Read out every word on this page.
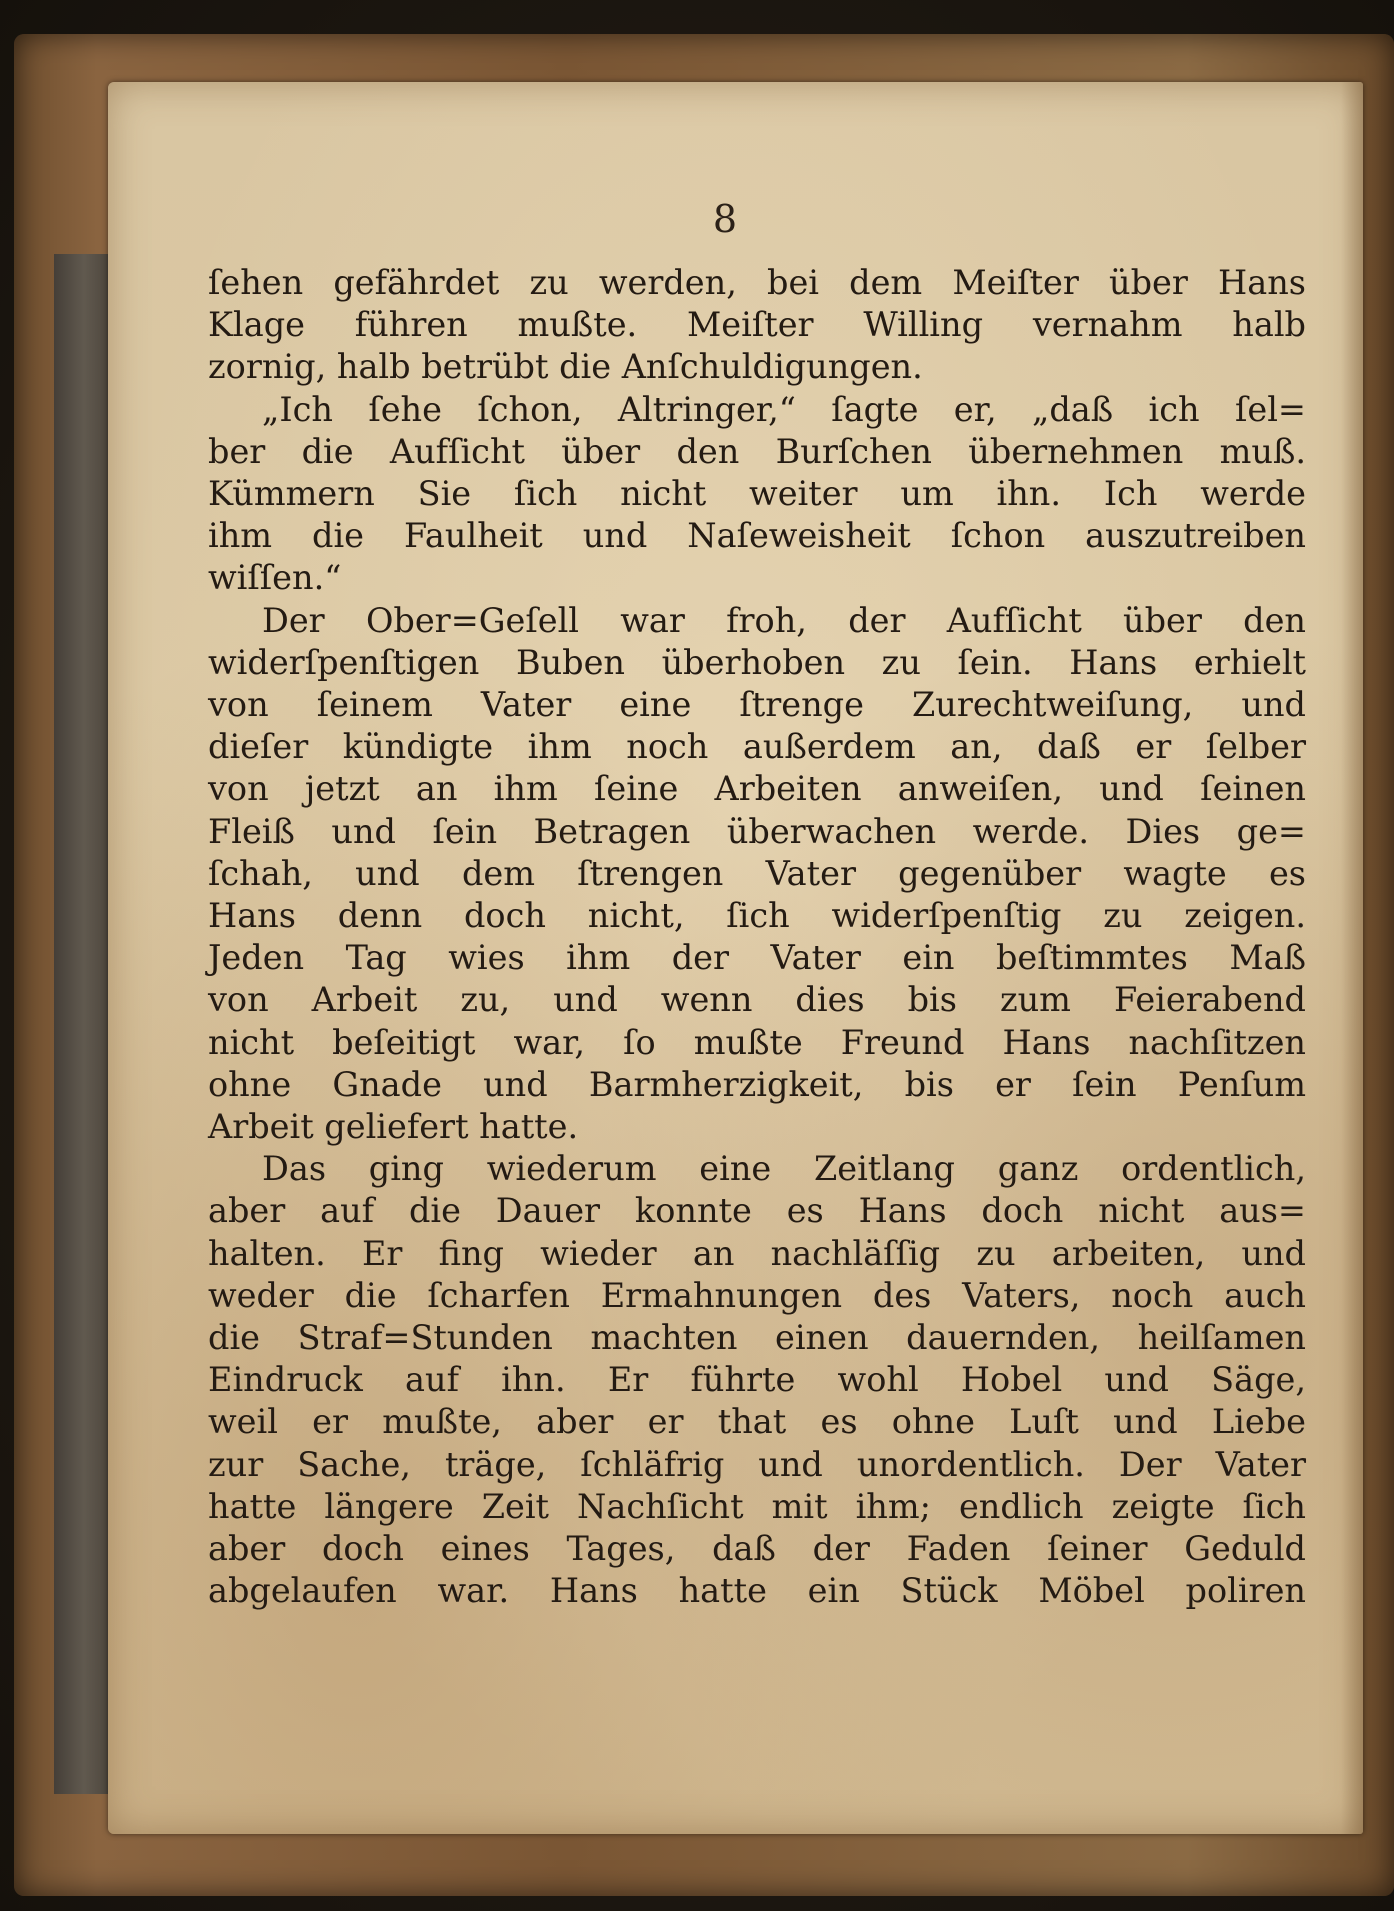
8
ſehen gefährdet zu werden, bei dem Meiſter über Hans
Klage führen mußte. Meiſter Willing vernahm halb
zornig, halb betrübt die Anſchuldigungen.
„Ich ſehe ſchon, Altringer,“ ſagte er, „daß ich ſel=
ber die Aufſicht über den Burſchen übernehmen muß.
Kümmern Sie ſich nicht weiter um ihn. Ich werde
ihm die Faulheit und Naſeweisheit ſchon auszutreiben
wiſſen.“
Der Ober=Geſell war froh, der Aufſicht über den
widerſpenſtigen Buben überhoben zu ſein. Hans erhielt
von ſeinem Vater eine ſtrenge Zurechtweiſung, und
dieſer kündigte ihm noch außerdem an, daß er ſelber
von jetzt an ihm ſeine Arbeiten anweiſen, und ſeinen
Fleiß und ſein Betragen überwachen werde. Dies ge=
ſchah, und dem ſtrengen Vater gegenüber wagte es
Hans denn doch nicht, ſich widerſpenſtig zu zeigen.
Jeden Tag wies ihm der Vater ein beſtimmtes Maß
von Arbeit zu, und wenn dies bis zum Feierabend
nicht beſeitigt war, ſo mußte Freund Hans nachſitzen
ohne Gnade und Barmherzigkeit, bis er ſein Penſum
Arbeit geliefert hatte.
Das ging wiederum eine Zeitlang ganz ordentlich,
aber auf die Dauer konnte es Hans doch nicht aus=
halten. Er fing wieder an nachläſſig zu arbeiten, und
weder die ſcharfen Ermahnungen des Vaters, noch auch
die Straf=Stunden machten einen dauernden, heilſamen
Eindruck auf ihn. Er führte wohl Hobel und Säge,
weil er mußte, aber er that es ohne Luſt und Liebe
zur Sache, träge, ſchläfrig und unordentlich. Der Vater
hatte längere Zeit Nachſicht mit ihm; endlich zeigte ſich
aber doch eines Tages, daß der Faden ſeiner Geduld
abgelaufen war. Hans hatte ein Stück Möbel poliren
